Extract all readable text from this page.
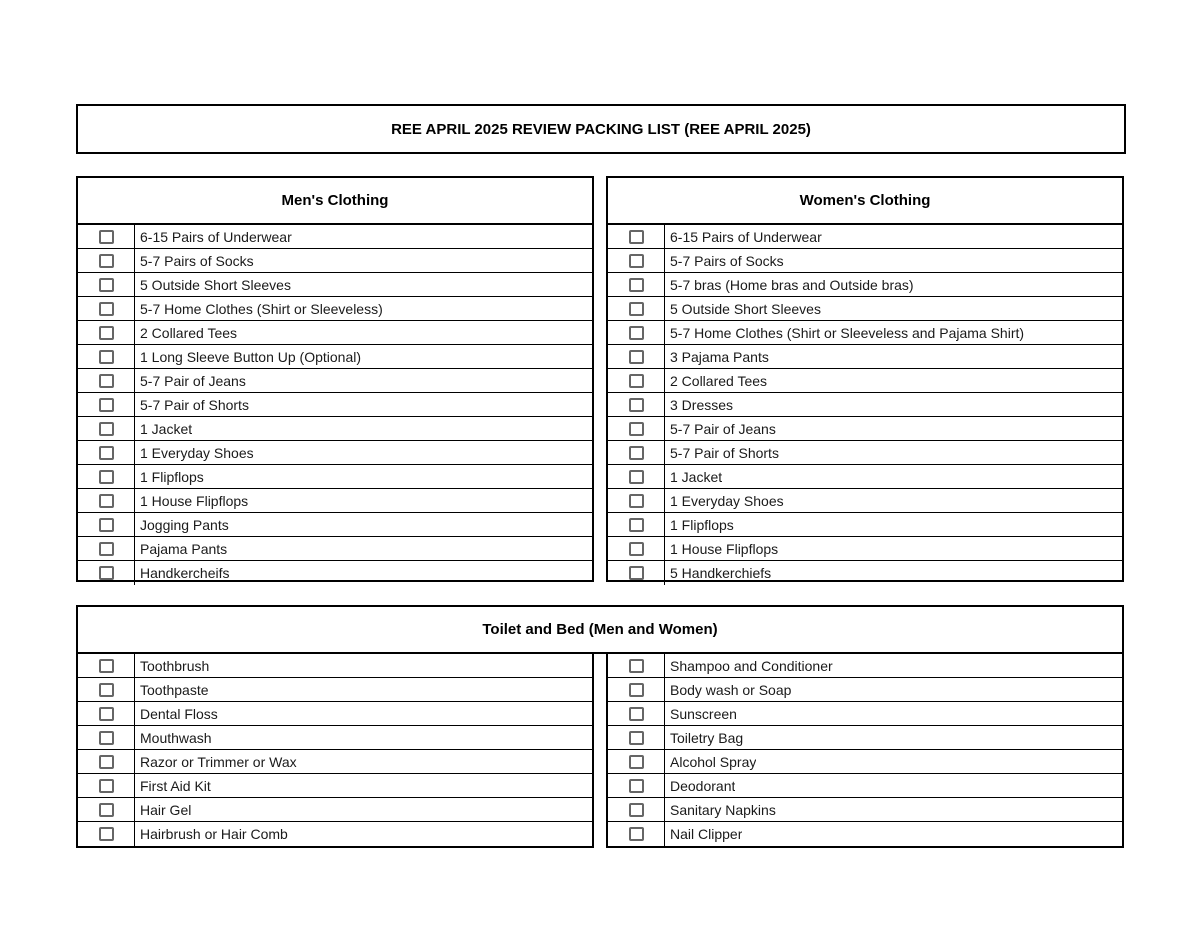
REE APRIL 2025 REVIEW PACKING LIST (REE APRIL 2025)
Men's Clothing
6-15 Pairs of Underwear
5-7 Pairs of Socks
5 Outside Short Sleeves
5-7 Home Clothes (Shirt or Sleeveless)
2 Collared Tees
1 Long Sleeve Button Up (Optional)
5-7 Pair of Jeans
5-7 Pair of Shorts
1 Jacket
1 Everyday Shoes
1 Flipflops
1 House Flipflops
Jogging Pants
Pajama Pants
Handkercheifs
Women's Clothing
6-15 Pairs of Underwear
5-7 Pairs of Socks
5-7 bras (Home bras and Outside bras)
5 Outside Short Sleeves
5-7 Home Clothes (Shirt or Sleeveless and Pajama Shirt)
3 Pajama Pants
2 Collared Tees
3 Dresses
5-7 Pair of Jeans
5-7 Pair of Shorts
1 Jacket
1 Everyday Shoes
1 Flipflops
1 House Flipflops
5 Handkerchiefs
Toilet and Bed (Men and Women)
Toothbrush
Toothpaste
Dental Floss
Mouthwash
Razor or Trimmer or Wax
First Aid Kit
Hair Gel
Hairbrush or Hair Comb
Shampoo and Conditioner
Body wash or Soap
Sunscreen
Toiletry Bag
Alcohol Spray
Deodorant
Sanitary Napkins
Nail Clipper
